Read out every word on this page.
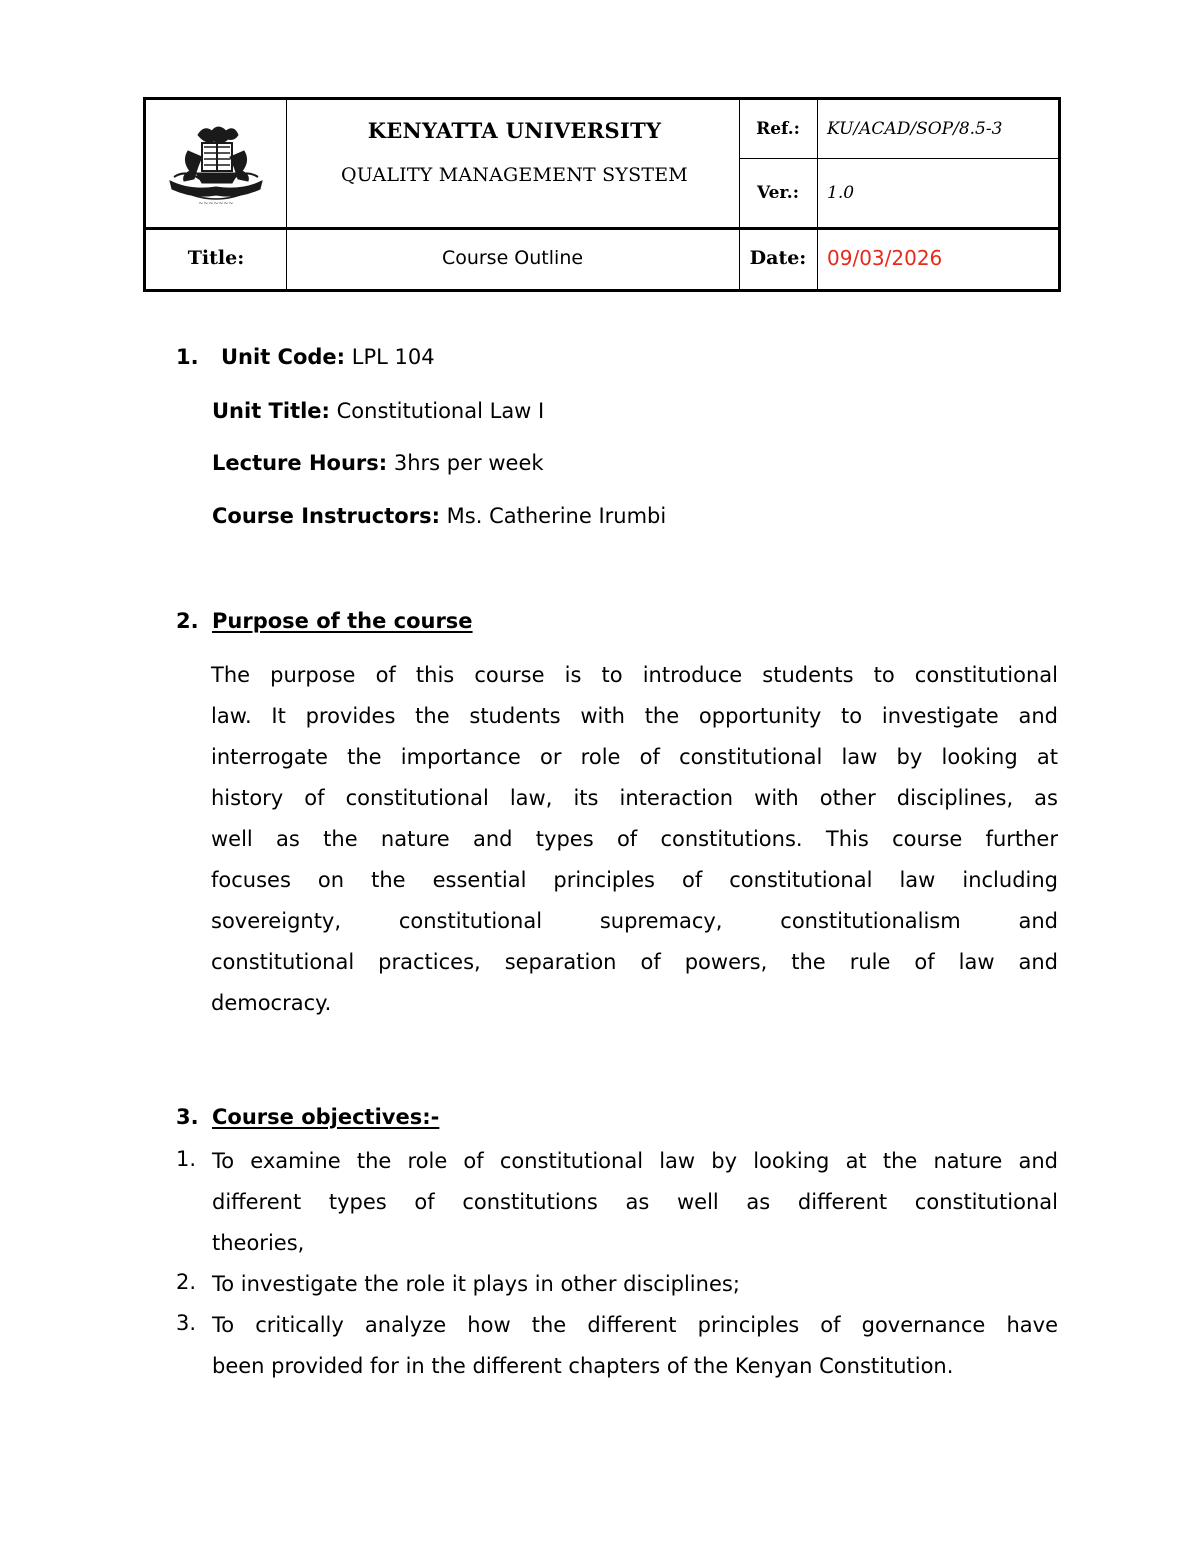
~~~~~~~
KENYATTA UNIVERSITY
QUALITY MANAGEMENT SYSTEM
Ref.: KU/ACAD/SOP/8.5-3
Ver.: 1.0
Title:	Course Outline	Date: 09/03/2026
1. Unit Code: LPL 104
Unit Title: Constitutional Law I
Lecture Hours: 3hrs per week
Course Instructors: Ms. Catherine Irumbi
2. Purpose of the course
The purpose of this course is to introduce students to constitutional
law. It provides the students with the opportunity to investigate and
interrogate the importance or role of constitutional law by looking at
history of constitutional law, its interaction with other disciplines, as
well as the nature and types of constitutions. This course further
focuses on the essential principles of constitutional law including
sovereignty, constitutional supremacy, constitutionalism and
constitutional practices, separation of powers, the rule of law and
democracy.
3. Course objectives:-
1. To examine the role of constitutional law by looking at the nature and
different types of constitutions as well as different constitutional
theories,
2. To investigate the role it plays in other disciplines;
3. To critically analyze how the different principles of governance have
been provided for in the different chapters of the Kenyan Constitution.
